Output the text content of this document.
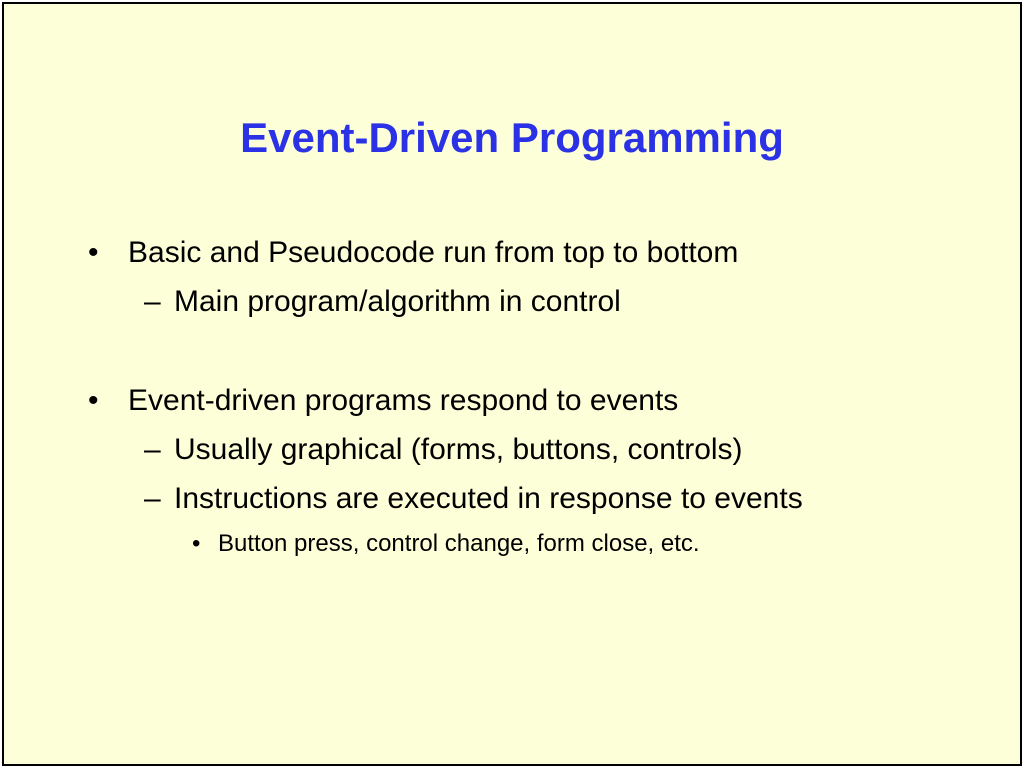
Event-Driven Programming
• Basic and Pseudocode run from top to bottom
– Main program/algorithm in control
• Event-driven programs respond to events
– Usually graphical (forms, buttons, controls)
– Instructions are executed in response to events
• Button press, control change, form close, etc.
